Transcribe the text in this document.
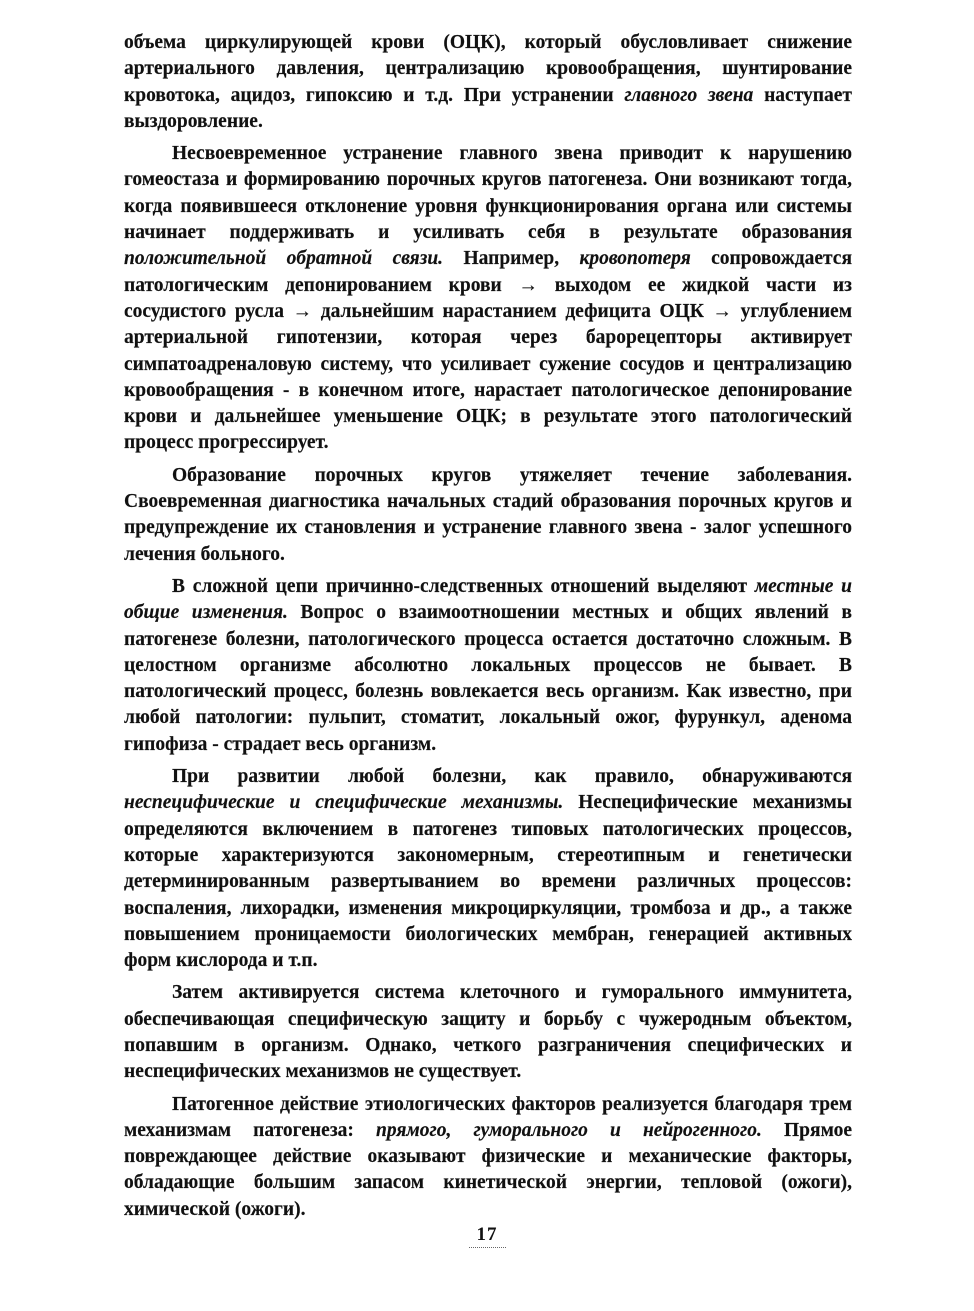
объема циркулирующей крови (ОЦК), который обусловливает снижение артериального давления, централизацию кровообращения, шунтирование кровотока, ацидоз, гипоксию и т.д. При устранении главного звена наступает выздоровление.

Несвоевременное устранение главного звена приводит к нарушению гомеостаза и формированию порочных кругов патогенеза. Они возникают тогда, когда появившееся отклонение уровня функционирования органа или системы начинает поддерживать и усиливать себя в результате образования положительной обратной связи. Например, кровопотеря сопровождается патологическим депонированием крови → выходом ее жидкой части из сосудистого русла → дальнейшим нарастанием дефицита ОЦК → углублением артериальной гипотензии, которая через барорецепторы активирует симпатоадреналовую систему, что усиливает сужение сосудов и централизацию кровообращения - в конечном итоге, нарастает патологическое депонирование крови и дальнейшее уменьшение ОЦК; в результате этого патологический процесс прогрессирует.

Образование порочных кругов утяжеляет течение заболевания. Своевременная диагностика начальных стадий образования порочных кругов и предупреждение их становления и устранение главного звена - залог успешного лечения больного.

В сложной цепи причинно-следственных отношений выделяют местные и общие изменения. Вопрос о взаимоотношении местных и общих явлений в патогенезе болезни, патологического процесса остается достаточно сложным. В целостном организме абсолютно локальных процессов не бывает. В патологический процесс, болезнь вовлекается весь организм. Как известно, при любой патологии: пульпит, стоматит, локальный ожог, фурункул, аденома гипофиза - страдает весь организм.

При развитии любой болезни, как правило, обнаруживаются неспецифические и специфические механизмы. Неспецифические механизмы определяются включением в патогенез типовых патологических процессов, которые характеризуются закономерным, стереотипным и генетически детерминированным развертыванием во времени различных процессов: воспаления, лихорадки, изменения микроциркуляции, тромбоза и др., а также повышением проницаемости биологических мембран, генерацией активных форм кислорода и т.п.

Затем активируется система клеточного и гуморального иммунитета, обеспечивающая специфическую защиту и борьбу с чужеродным объектом, попавшим в организм. Однако, четкого разграничения специфических и неспецифических механизмов не существует.

Патогенное действие этиологических факторов реализуется благодаря трем механизмам патогенеза: прямого, гуморального и нейрогенного. Прямое повреждающее действие оказывают физические и механические факторы, обладающие большим запасом кинетической энергии, тепловой (ожоги), химической (ожоги).

17
